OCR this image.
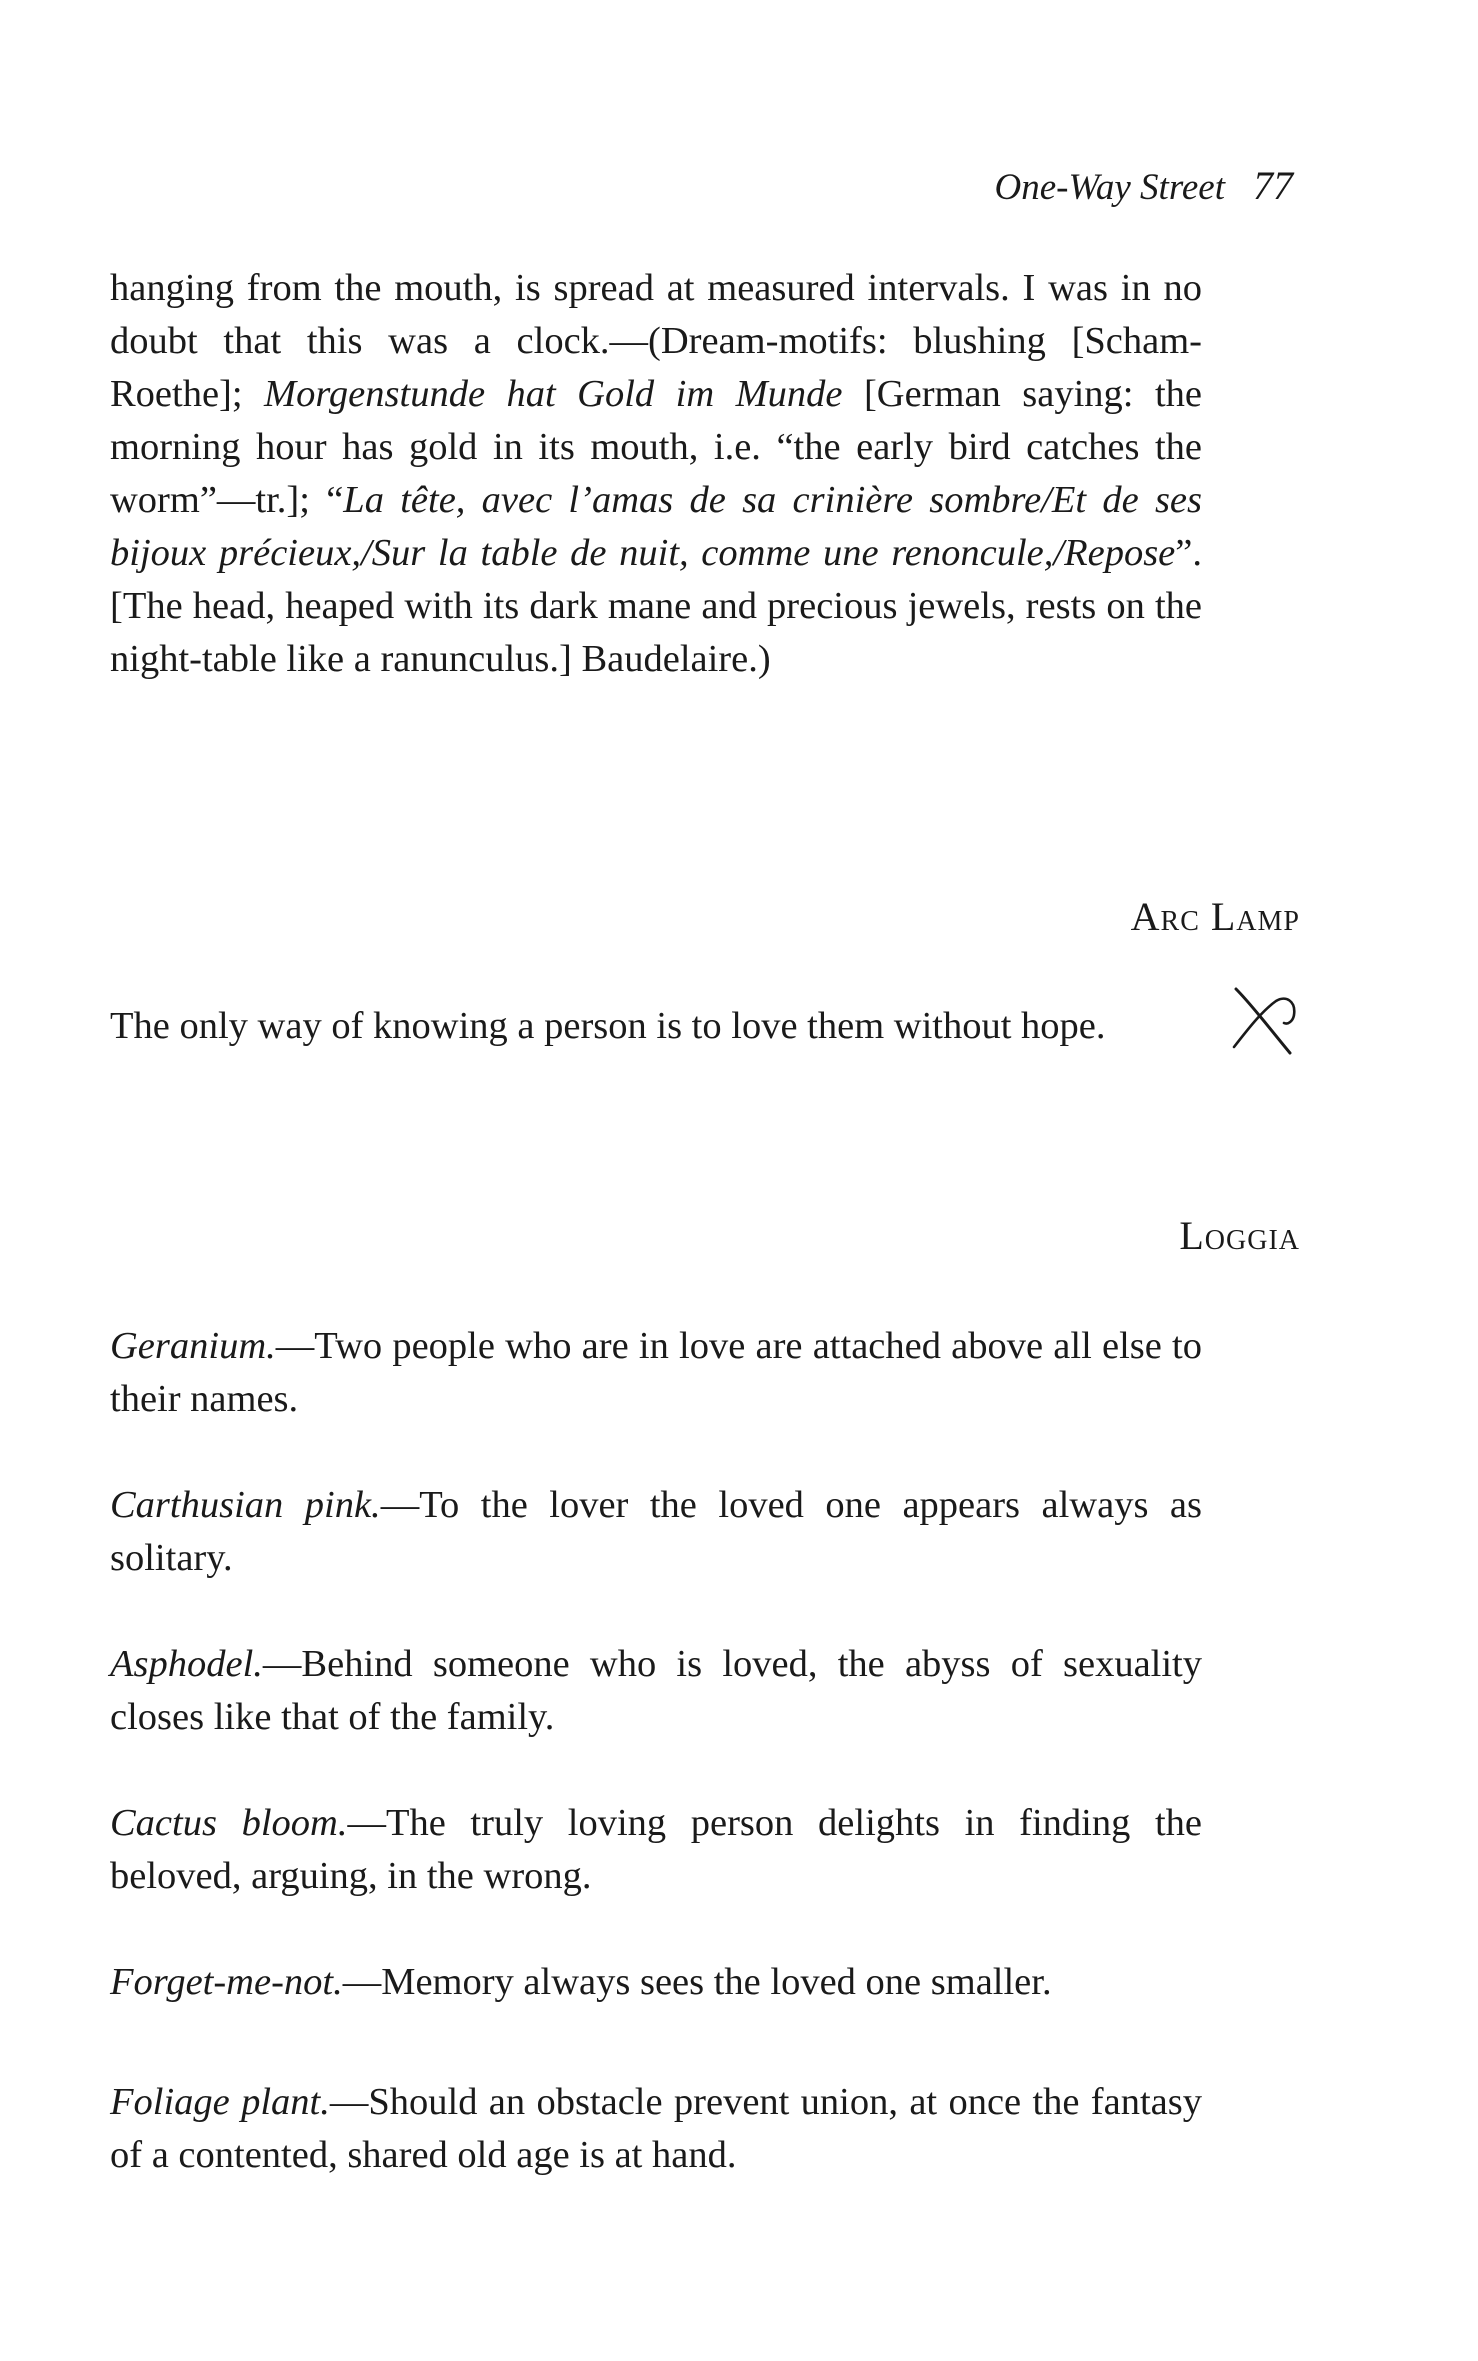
One-Way Street 77

hanging from the mouth, is spread at measured intervals. I was in no doubt that this was a clock.—(Dream-motifs: blushing [Scham-Roethe]; Morgenstunde hat Gold im Munde [German saying: the morning hour has gold in its mouth, i.e. “the early bird catches the worm”—tr.]; “La tête, avec l’amas de sa crinière sombre/Et de ses bijoux précieux,/Sur la table de nuit, comme une renoncule,/Repose”. [The head, heaped with its dark mane and precious jewels, rests on the night-table like a ranunculus.] Baudelaire.)

Arc Lamp

The only way of knowing a person is to love them without hope.

Loggia

Geranium.—Two people who are in love are attached above all else to their names.

Carthusian pink.—To the lover the loved one appears always as solitary.

Asphodel.—Behind someone who is loved, the abyss of sexuality closes like that of the family.

Cactus bloom.—The truly loving person delights in finding the beloved, arguing, in the wrong.

Forget-me-not.—Memory always sees the loved one smaller.

Foliage plant.—Should an obstacle prevent union, at once the fantasy of a contented, shared old age is at hand.
